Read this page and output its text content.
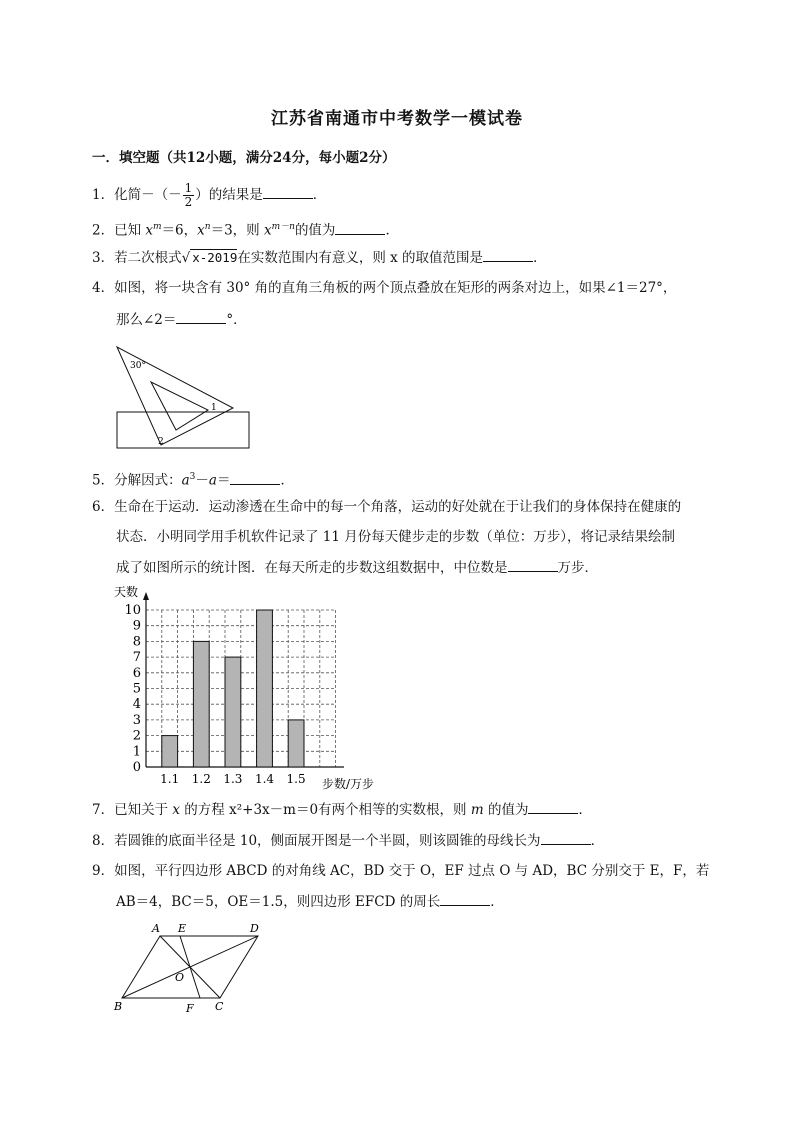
江苏省南通市中考数学一模试卷
一．填空题（共12小题，满分24分，每小题2分）
1．化简－（－ $\frac{1}{2}$ ）的结果是	．
2．已知 $x^m=6$，$x^n=3$，则 $x^{m-n}$的值为	．
3．若二次根式√ x-2019在实数范围内有意义，则 x 的取值范围是	．
4．如图，将一块含有 30° 角的直角三角板的两个顶点叠放在矩形的两条对边上，如果∠1＝27°，
那么∠2＝	°．
30°
1
2
5．分解因式：$a^3-a=$	．
6．生命在于运动．运动渗透在生命中的每一个角落，运动的好处就在于让我们的身体保持在健康的
状态．小明同学用手机软件记录了 11 月份每天健步走的步数（单位：万步），将记录结果绘制
成了如图所示的统计图．在每天所走的步数这组数据中，中位数是	万步．
0
1
2
3
4
5
6
7
8
9
10
1.1 1.2 1.3 1.4 1.5
天数
步数/万步
7．已知关于 x 的方程 x²+3x－m＝0有两个相等的实数根，则 m 的值为	．
8．若圆锥的底面半径是 10，侧面展开图是一个半圆，则该圆锥的母线长为	．
9．如图，平行四边形 ABCD 的对角线 AC，BD 交于 O，EF 过点 O 与 AD，BC 分别交于 E，F，若
AB＝4，BC＝5，OE＝1.5，则四边形 EFCD 的周长	．
A E	D
O
B	F C
